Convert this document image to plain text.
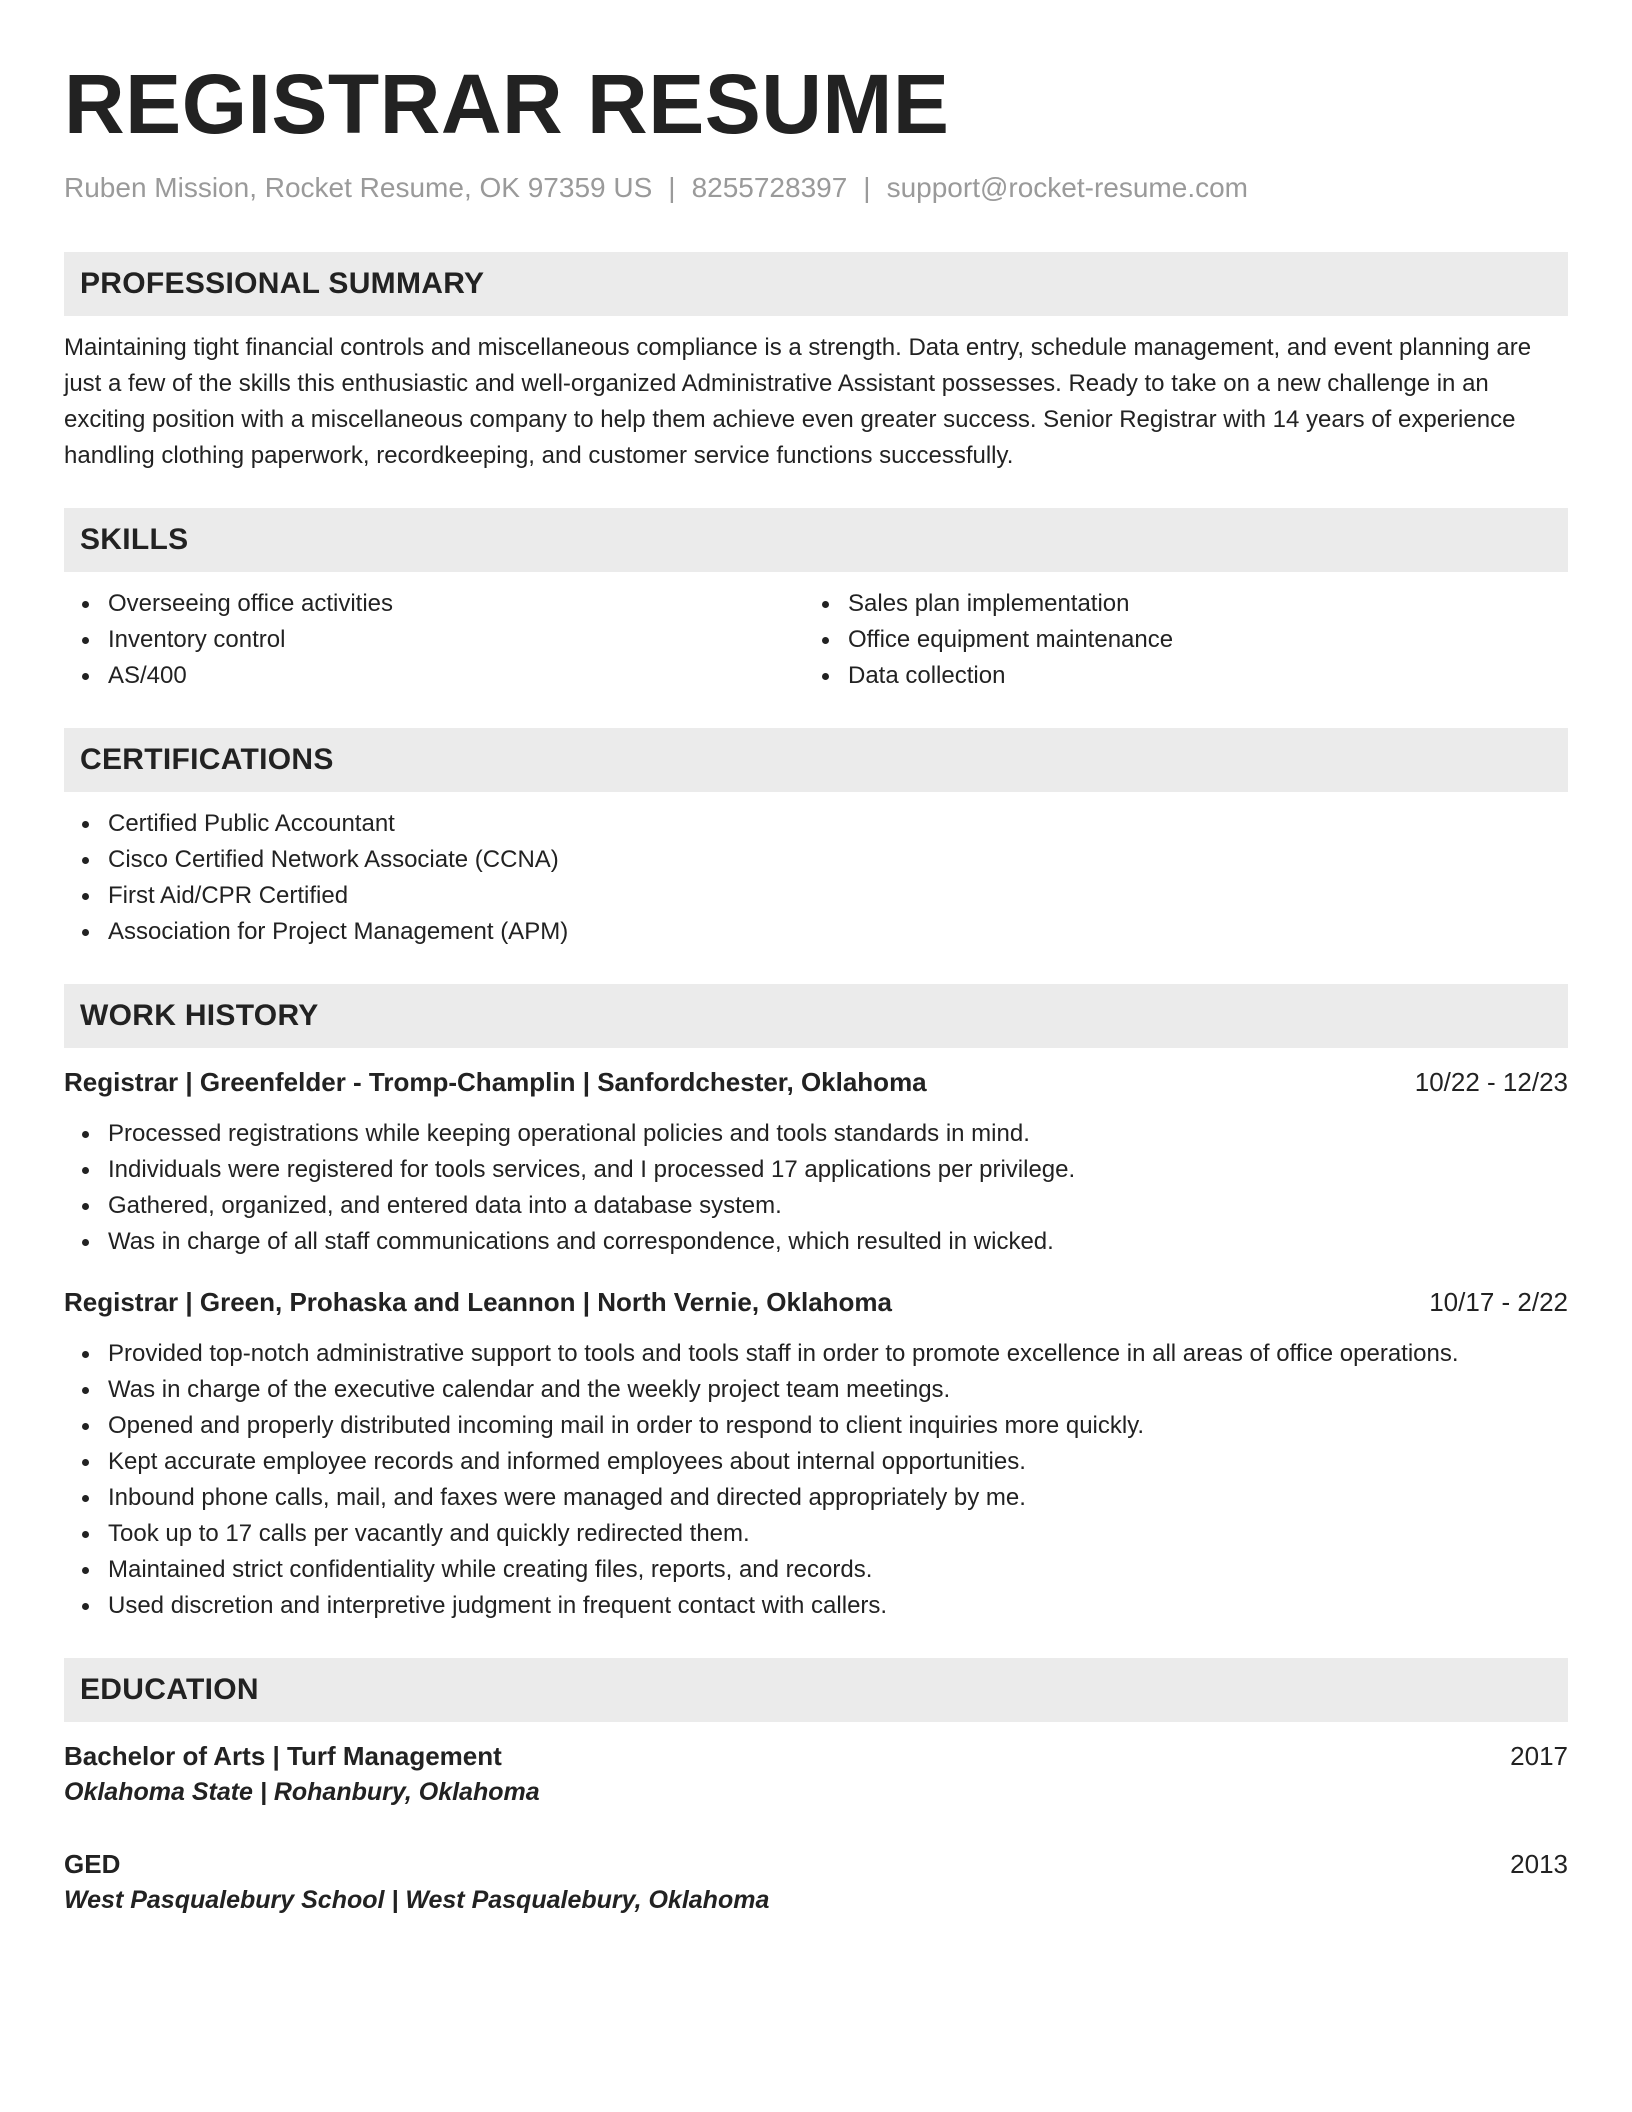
REGISTRAR RESUME
Ruben Mission, Rocket Resume, OK 97359 US | 8255728397 | support@rocket-resume.com
PROFESSIONAL SUMMARY

Maintaining tight financial controls and miscellaneous compliance is a strength. Data entry, schedule management, and event planning are just a few of the skills this enthusiastic and well-organized Administrative Assistant possesses. Ready to take on a new challenge in an exciting position with a miscellaneous company to help them achieve even greater success. Senior Registrar with 14 years of experience handling clothing paperwork, recordkeeping, and customer service functions successfully.

SKILLS
Overseeing office activities
Inventory control
AS/400
Sales plan implementation
Office equipment maintenance
Data collection
CERTIFICATIONS
Certified Public Accountant
Cisco Certified Network Associate (CCNA)
First Aid/CPR Certified
Association for Project Management (APM)
WORK HISTORY
Registrar | Greenfelder - Tromp-Champlin | Sanfordchester, Oklahoma	10/22 - 12/23
Processed registrations while keeping operational policies and tools standards in mind.
Individuals were registered for tools services, and I processed 17 applications per privilege.
Gathered, organized, and entered data into a database system.
Was in charge of all staff communications and correspondence, which resulted in wicked.
Registrar | Green, Prohaska and Leannon | North Vernie, Oklahoma	10/17 - 2/22
Provided top-notch administrative support to tools and tools staff in order to promote excellence in all areas of office operations.
Was in charge of the executive calendar and the weekly project team meetings.
Opened and properly distributed incoming mail in order to respond to client inquiries more quickly.
Kept accurate employee records and informed employees about internal opportunities.
Inbound phone calls, mail, and faxes were managed and directed appropriately by me.
Took up to 17 calls per vacantly and quickly redirected them.
Maintained strict confidentiality while creating files, reports, and records.
Used discretion and interpretive judgment in frequent contact with callers.
EDUCATION
Bachelor of Arts | Turf Management	2017
Oklahoma State | Rohanbury, Oklahoma
GED	2013
West Pasqualebury School | West Pasqualebury, Oklahoma
